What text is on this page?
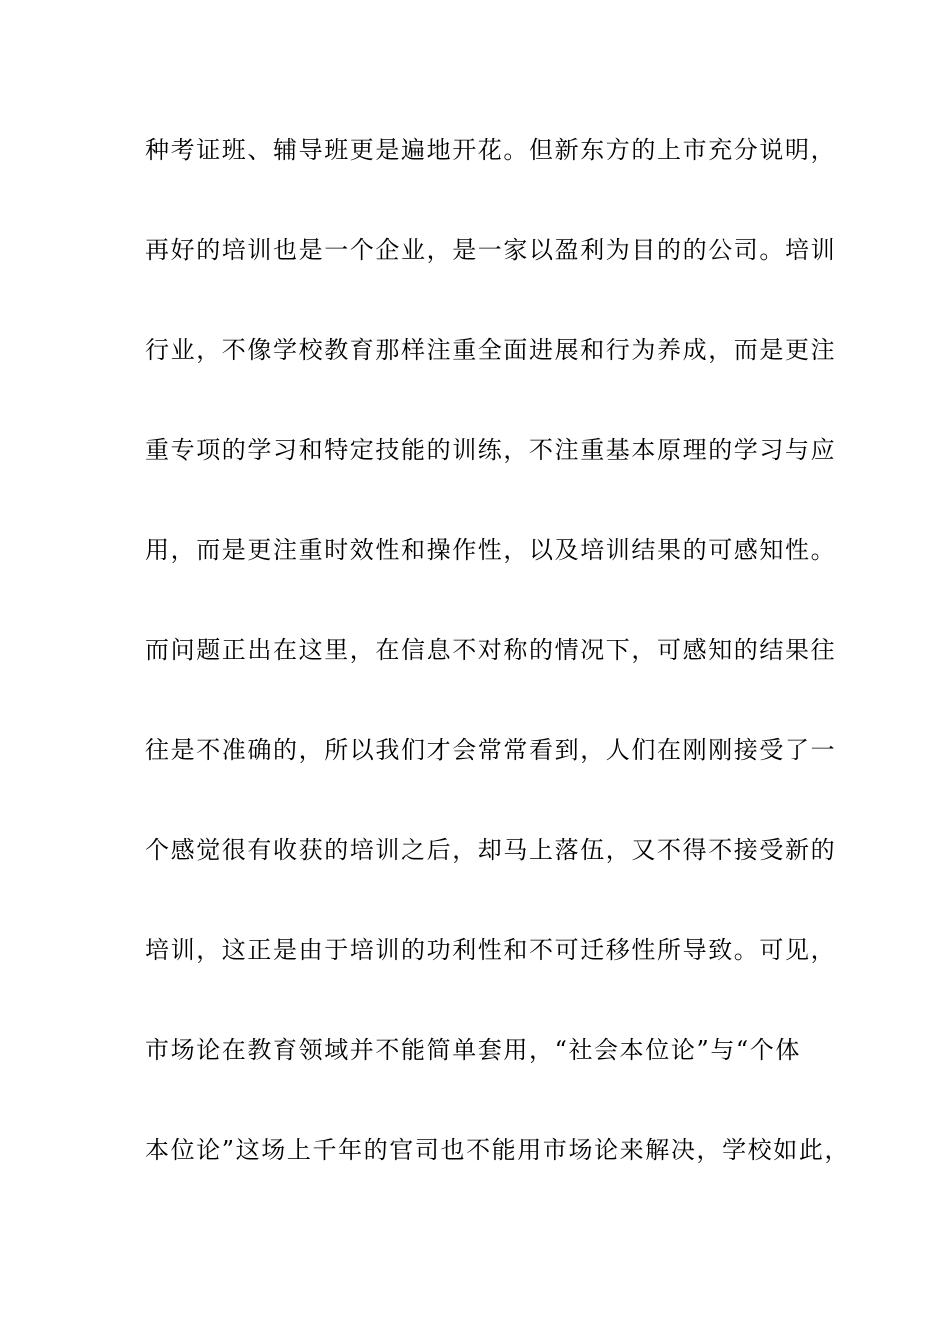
种考证班、辅导班更是遍地开花。但新东方的上市充分说明，
再好的培训也是一个企业，是一家以盈利为目的的公司。培训
行业，不像学校教育那样注重全面进展和行为养成，而是更注
重专项的学习和特定技能的训练，不注重基本原理的学习与应
用，而是更注重时效性和操作性，以及培训结果的可感知性。
而问题正出在这里，在信息不对称的情况下，可感知的结果往
往是不准确的，所以我们才会常常看到，人们在刚刚接受了一
个感觉很有收获的培训之后，却马上落伍，又不得不接受新的
培训，这正是由于培训的功利性和不可迁移性所导致。可见，
市场论在教育领域并不能简单套用，“社会本位论”与“个体
本位论”这场上千年的官司也不能用市场论来解决，学校如此，
